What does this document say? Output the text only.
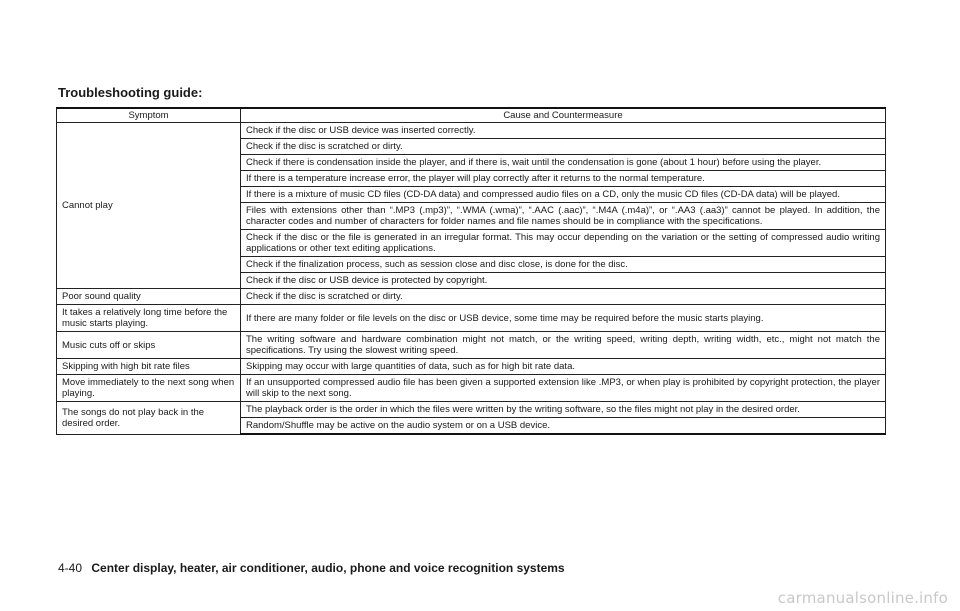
Troubleshooting guide:
Symptom	Cause and Countermeasure
Cannot play	Check if the disc or USB device was inserted correctly.
	Check if the disc is scratched or dirty.
	Check if there is condensation inside the player, and if there is, wait until the condensation is gone (about 1 hour) before using the player.
	If there is a temperature increase error, the player will play correctly after it returns to the normal temperature.
	If there is a mixture of music CD files (CD-DA data) and compressed audio files on a CD, only the music CD files (CD-DA data) will be played.
	Files with extensions other than “.MP3 (.mp3)”, “.WMA (.wma)”, “.AAC (.aac)”, “.M4A (.m4a)”, or “.AA3 (.aa3)” cannot be played. In addition, the character codes and number of characters for folder names and file names should be in compliance with the specifications.
	Check if the disc or the file is generated in an irregular format. This may occur depending on the variation or the setting of compressed audio writing applications or other text editing applications.
	Check if the finalization process, such as session close and disc close, is done for the disc.
	Check if the disc or USB device is protected by copyright.
Poor sound quality	Check if the disc is scratched or dirty.
It takes a relatively long time before the music starts playing.	If there are many folder or file levels on the disc or USB device, some time may be required before the music starts playing.
Music cuts off or skips	The writing software and hardware combination might not match, or the writing speed, writing depth, writing width, etc., might not match the specifications. Try using the slowest writing speed.
Skipping with high bit rate files	Skipping may occur with large quantities of data, such as for high bit rate data.
Move immediately to the next song when playing.	If an unsupported compressed audio file has been given a supported extension like .MP3, or when play is prohibited by copyright protection, the player will skip to the next song.
The songs do not play back in the desired order.	The playback order is the order in which the files were written by the writing software, so the files might not play in the desired order.
	Random/Shuffle may be active on the audio system or on a USB device.
4-40 Center display, heater, air conditioner, audio, phone and voice recognition systems
carmanualsonline.info
